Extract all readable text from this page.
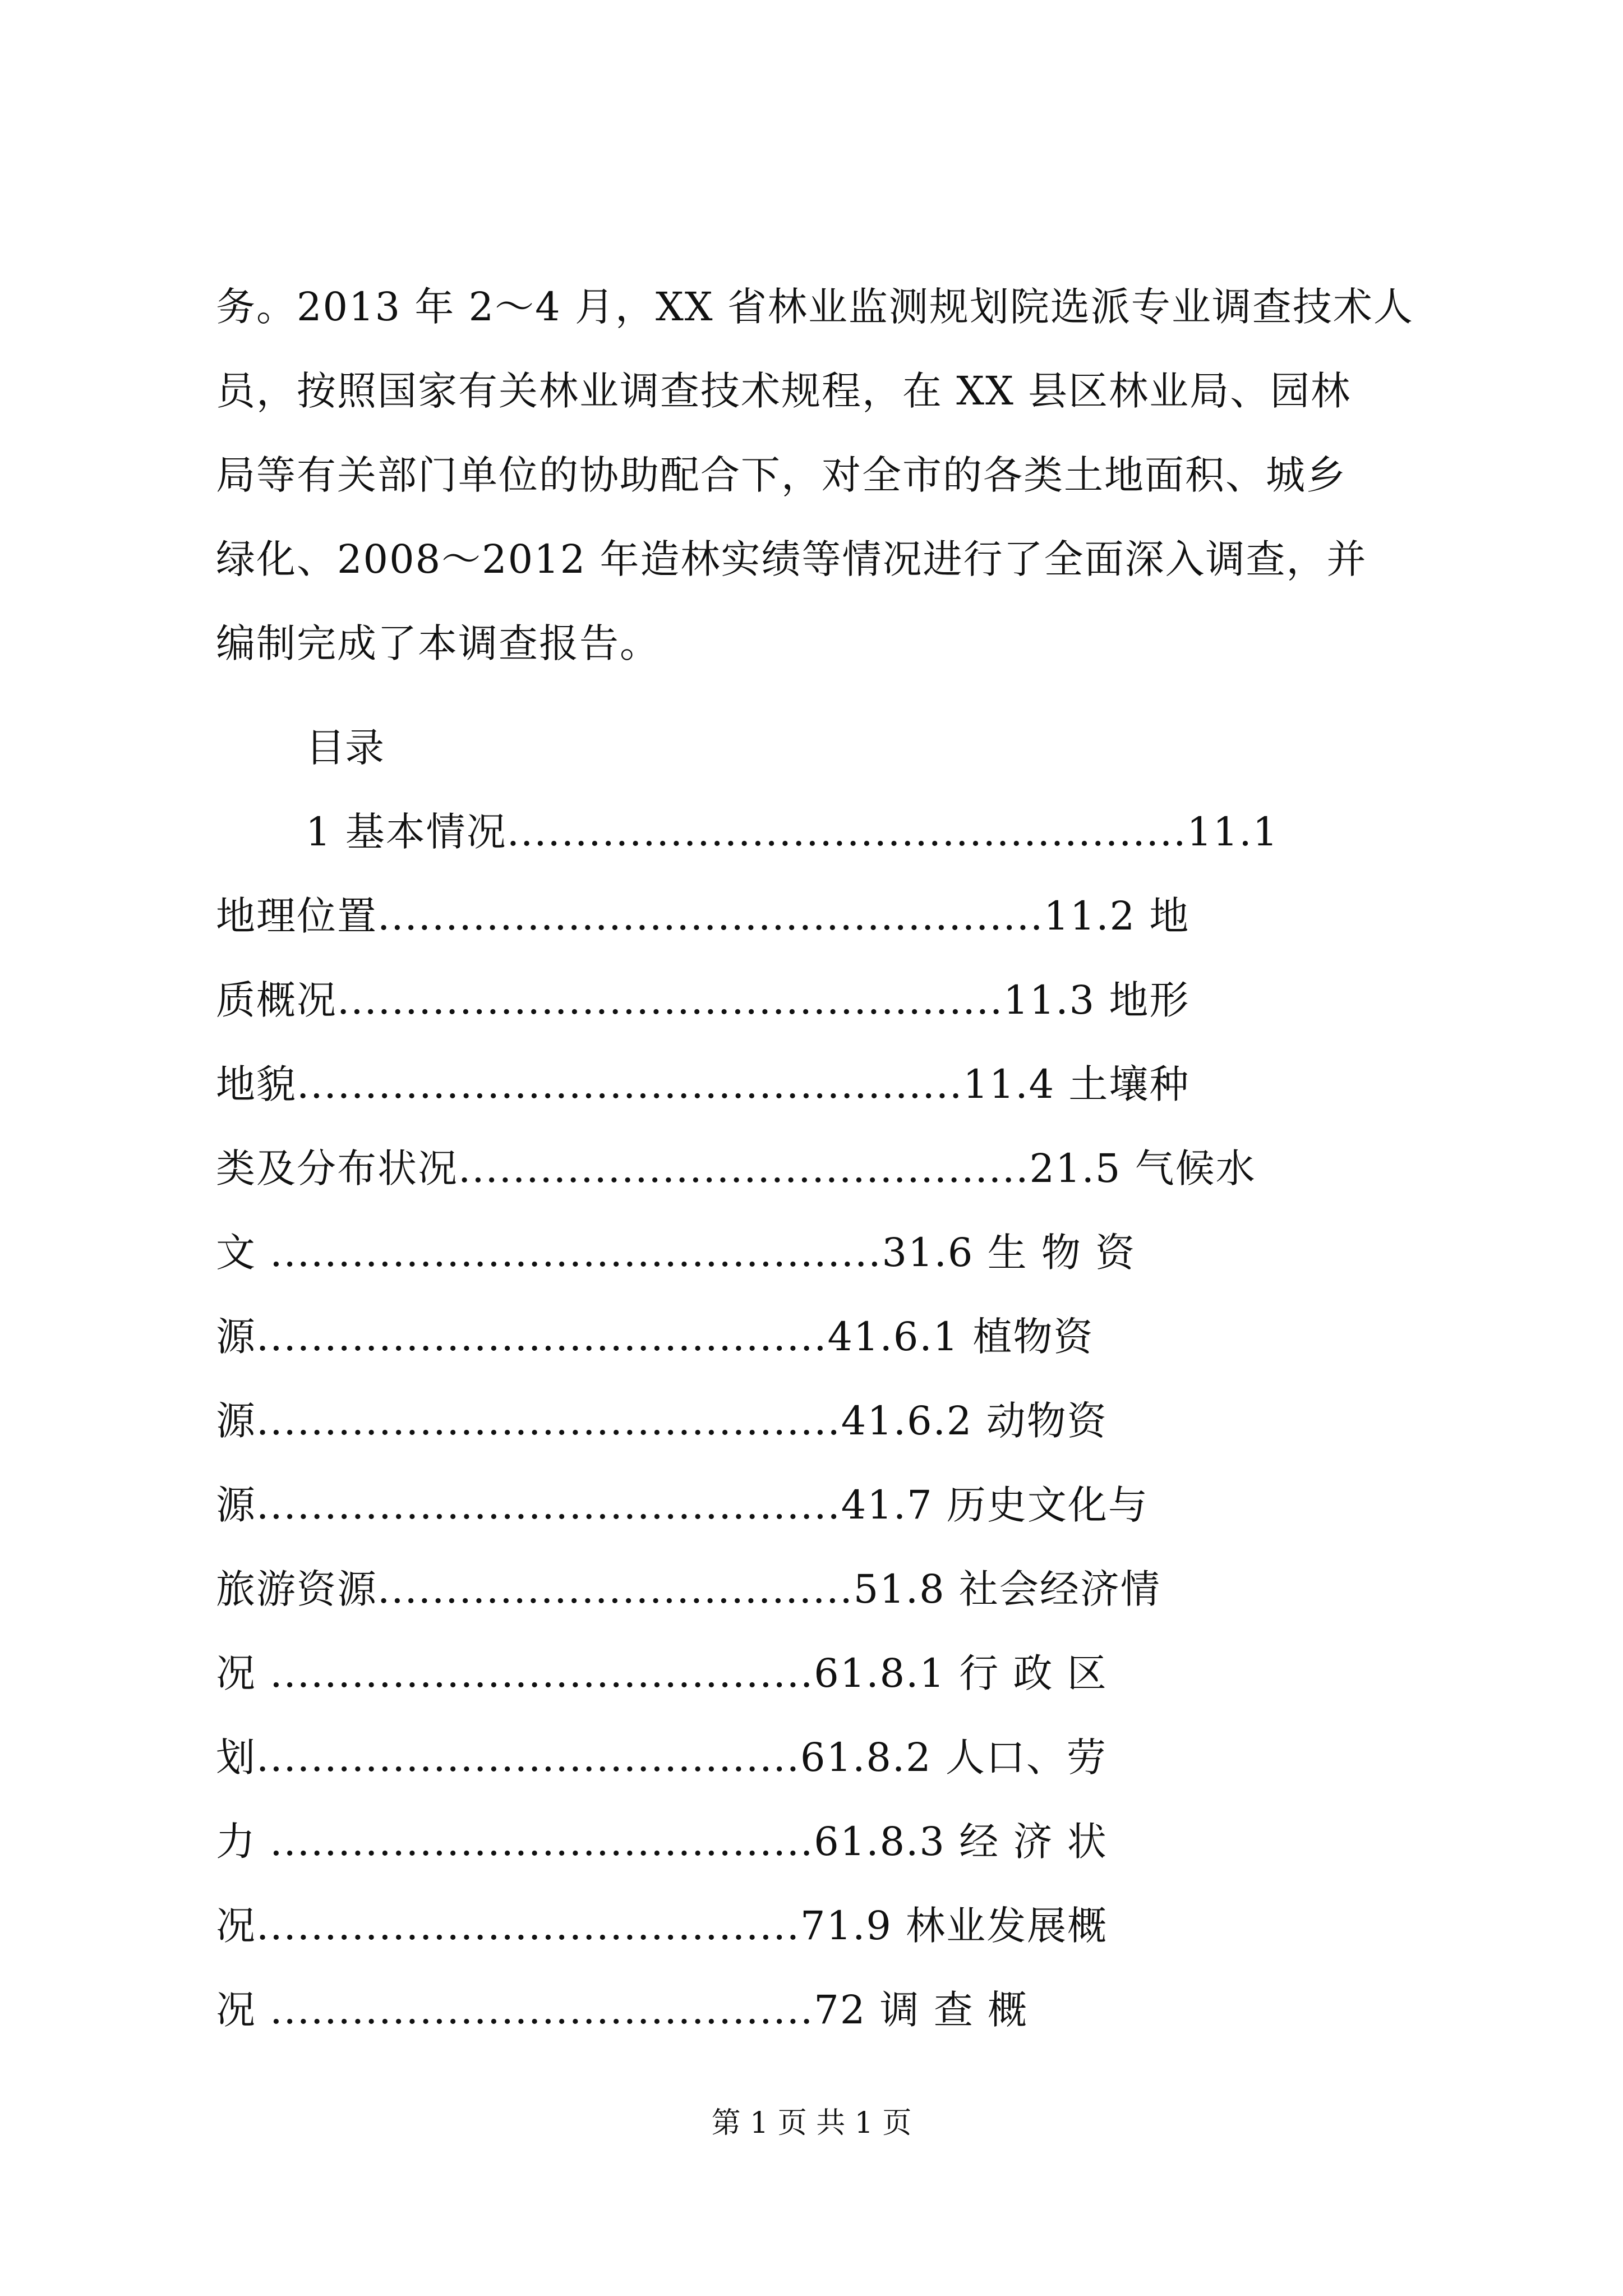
务。2013 年 2～4 月，XX 省林业监测规划院选派专业调查技术人
员，按照国家有关林业调查技术规程，在 XX 县区林业局、园林
局等有关部门单位的协助配合下，对全市的各类土地面积、城乡
绿化、2008～2012 年造林实绩等情况进行了全面深入调查，并
编制完成了本调查报告。
目录
1 基本情况..................................................11.1
地理位置.................................................11.2 地
质概况.................................................11.3 地形
地貌.................................................11.4 土壤种
类及分布状况..........................................21.5 气候水
文 .............................................31.6 生 物 资
源..........................................41.6.1 植物资
源...........................................41.6.2 动物资
源...........................................41.7 历史文化与
旅游资源...................................51.8 社会经济情
况 ........................................61.8.1 行 政 区
划........................................61.8.2 人口、劳
力 ........................................61.8.3 经 济 状
况........................................71.9 林业发展概
况 ........................................72 调 查 概
第 1 页 共 1 页
